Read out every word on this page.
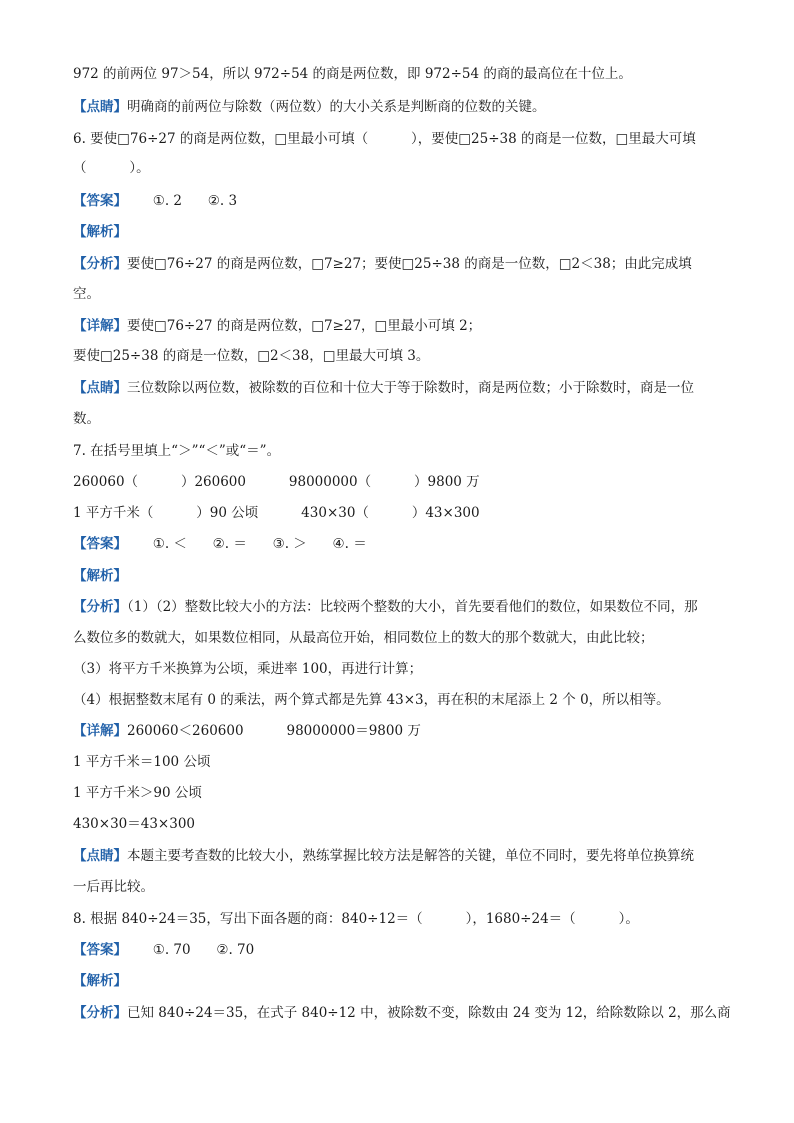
972 的前两位 97＞54，所以 972÷54 的商是两位数，即 972÷54 的商的最高位在十位上。
【点睛】明确商的前两位与除数（两位数）的大小关系是判断商的位数的关键。
6. 要使□76÷27 的商是两位数，□里最小可填（          ），要使□25÷38 的商是一位数，□里最大可填
（          ）。
【答案】      ①. 2      ②. 3
【解析】
【分析】要使□76÷27 的商是两位数，□7≥27；要使□25÷38 的商是一位数，□2＜38；由此完成填
空。
【详解】要使□76÷27 的商是两位数，□7≥27，□里最小可填 2；
要使□25÷38 的商是一位数，□2＜38，□里最大可填 3。
【点睛】三位数除以两位数，被除数的百位和十位大于等于除数时，商是两位数；小于除数时，商是一位
数。
7. 在括号里填上“＞”“＜”或“＝”。
260060（          ）260600          98000000（          ）9800 万
1 平方千米（          ）90 公顷          430×30（          ）43×300
【答案】      ①. ＜      ②. ＝      ③. ＞      ④. ＝
【解析】
【分析】（1）（2）整数比较大小的方法：比较两个整数的大小，首先要看他们的数位，如果数位不同，那
么数位多的数就大，如果数位相同，从最高位开始，相同数位上的数大的那个数就大，由此比较；
（3）将平方千米换算为公顷，乘进率 100，再进行计算；
（4）根据整数末尾有 0 的乘法，两个算式都是先算 43×3，再在积的末尾添上 2 个 0，所以相等。
【详解】260060＜260600          98000000＝9800 万
1 平方千米＝100 公顷
1 平方千米＞90 公顷
430×30＝43×300
【点睛】本题主要考查数的比较大小，熟练掌握比较方法是解答的关键，单位不同时，要先将单位换算统
一后再比较。
8. 根据 840÷24＝35，写出下面各题的商：840÷12＝（          ），1680÷24＝（          ）。
【答案】      ①. 70      ②. 70
【解析】
【分析】已知 840÷24＝35，在式子 840÷12 中，被除数不变，除数由 24 变为 12，给除数除以 2，那么商
